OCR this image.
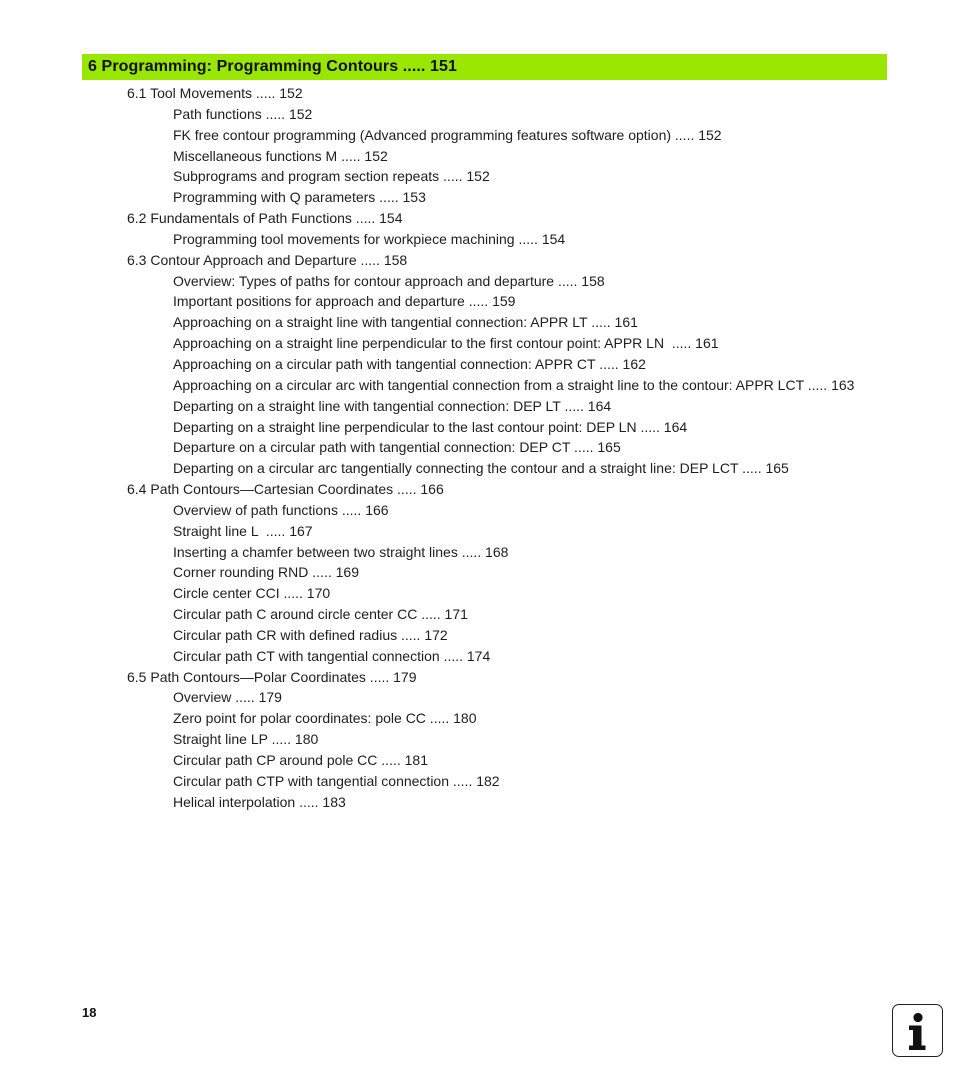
6 Programming: Programming Contours ..... 151
6.1 Tool Movements ..... 152
Path functions ..... 152
FK free contour programming (Advanced programming features software option) ..... 152
Miscellaneous functions M ..... 152
Subprograms and program section repeats ..... 152
Programming with Q parameters ..... 153
6.2 Fundamentals of Path Functions ..... 154
Programming tool movements for workpiece machining ..... 154
6.3 Contour Approach and Departure ..... 158
Overview: Types of paths for contour approach and departure ..... 158
Important positions for approach and departure ..... 159
Approaching on a straight line with tangential connection: APPR LT ..... 161
Approaching on a straight line perpendicular to the first contour point: APPR LN  ..... 161
Approaching on a circular path with tangential connection: APPR CT ..... 162
Approaching on a circular arc with tangential connection from a straight line to the contour: APPR LCT ..... 163
Departing on a straight line with tangential connection: DEP LT ..... 164
Departing on a straight line perpendicular to the last contour point: DEP LN ..... 164
Departure on a circular path with tangential connection: DEP CT ..... 165
Departing on a circular arc tangentially connecting the contour and a straight line: DEP LCT ..... 165
6.4 Path Contours—Cartesian Coordinates ..... 166
Overview of path functions ..... 166
Straight line L  ..... 167
Inserting a chamfer between two straight lines ..... 168
Corner rounding RND ..... 169
Circle center CCI ..... 170
Circular path C around circle center CC ..... 171
Circular path CR with defined radius ..... 172
Circular path CT with tangential connection ..... 174
6.5 Path Contours—Polar Coordinates ..... 179
Overview ..... 179
Zero point for polar coordinates: pole CC ..... 180
Straight line LP ..... 180
Circular path CP around pole CC ..... 181
Circular path CTP with tangential connection ..... 182
Helical interpolation ..... 183
18
